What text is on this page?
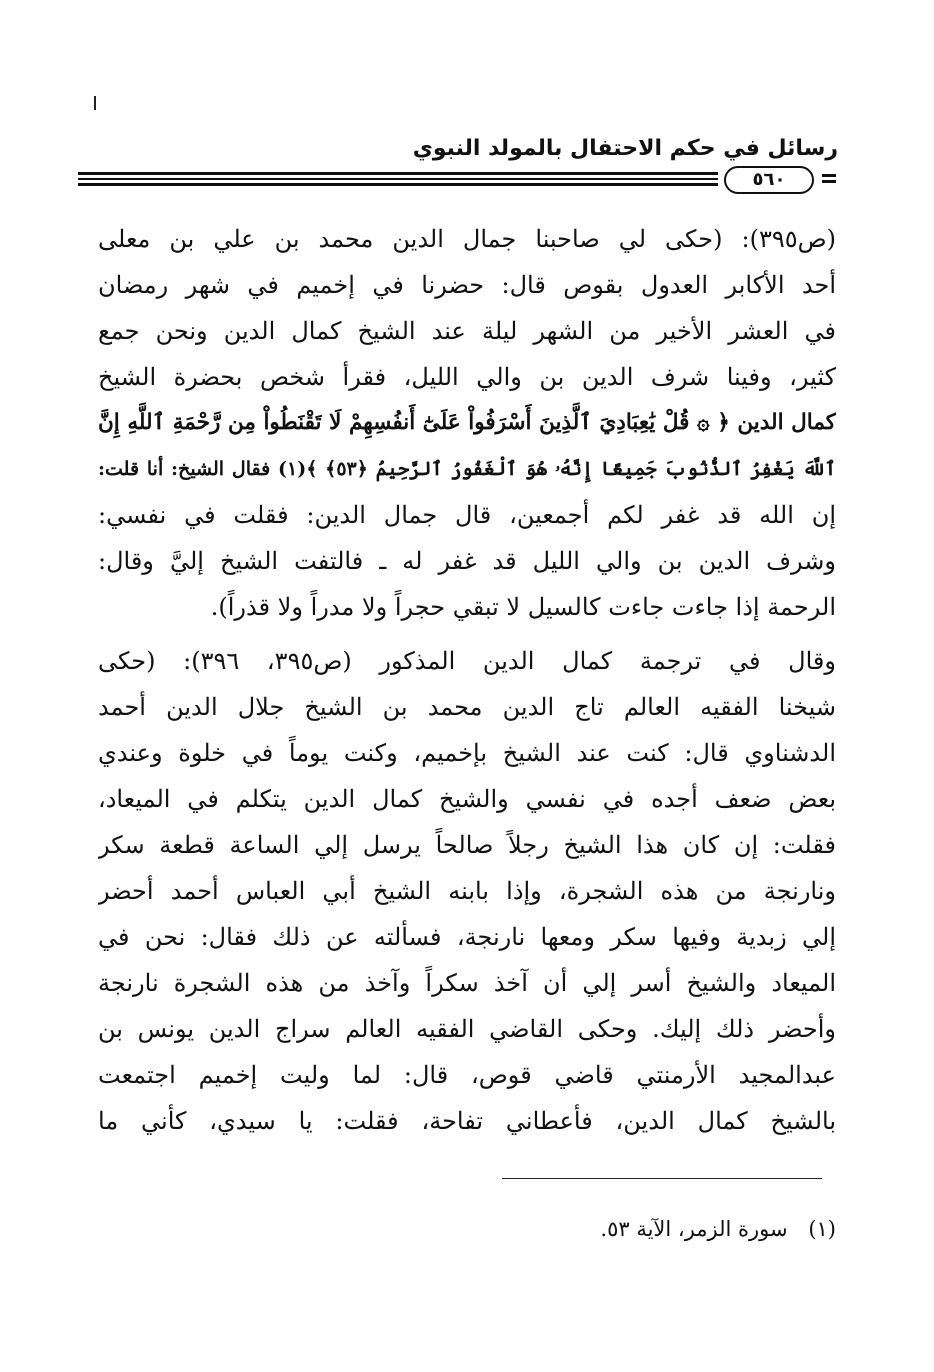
رسائل في حكم الاحتفال بالمولد النبوي
٥٦٠
(ص٣٩٥): (حكى لي صاحبنا جمال الدين محمد بن علي بن معلى
أحد الأكابر العدول بقوص قال: حضرنا في إخميم في شهر رمضان
في العشر الأخير من الشهر ليلة عند الشيخ كمال الدين ونحن جمع
كثير، وفينا شرف الدين بن والي الليل، فقرأ شخص بحضرة الشيخ
كمال الدين ﴿ ۞ قُلْ يَٰعِبَادِيَ ٱلَّذِينَ أَسْرَفُواْ عَلَىٰٓ أَنفُسِهِمْ لَا تَقْنَطُواْ مِن رَّحْمَةِ ٱللَّهِ إِنَّ
ٱللَّهَ يَغْفِرُ ٱلذُّنُوبَ جَمِيعًا إِنَّهُۥ هُوَ ٱلْغَفُورُ ٱلرَّحِيمُ ﴿٥٣﴾ ﴾(١) فقال الشيخ: أنا قلت:
إن الله قد غفر لكم أجمعين، قال جمال الدين: فقلت في نفسي:
وشرف الدين بن والي الليل قد غفر له ـ فالتفت الشيخ إليَّ وقال:
الرحمة إذا جاءت جاءت كالسيل لا تبقي حجراً ولا مدراً ولا قذراً).
وقال في ترجمة كمال الدين المذكور (ص٣٩٥، ٣٩٦): (حكى
شيخنا الفقيه العالم تاج الدين محمد بن الشيخ جلال الدين أحمد
الدشناوي قال: كنت عند الشيخ بإخميم، وكنت يوماً في خلوة وعندي
بعض ضعف أجده في نفسي والشيخ كمال الدين يتكلم في الميعاد،
فقلت: إن كان هذا الشيخ رجلاً صالحاً يرسل إلي الساعة قطعة سكر
ونارنجة من هذه الشجرة، وإذا بابنه الشيخ أبي العباس أحمد أحضر
إلي زبدية وفيها سكر ومعها نارنجة، فسألته عن ذلك فقال: نحن في
الميعاد والشيخ أسر إلي أن آخذ سكراً وآخذ من هذه الشجرة نارنجة
وأحضر ذلك إليك. وحكى القاضي الفقيه العالم سراج الدين يونس بن
عبدالمجيد الأرمنتي قاضي قوص، قال: لما وليت إخميم اجتمعت
بالشيخ كمال الدين، فأعطاني تفاحة، فقلت: يا سيدي، كأني ما
(١) سورة الزمر، الآية ٥٣.
